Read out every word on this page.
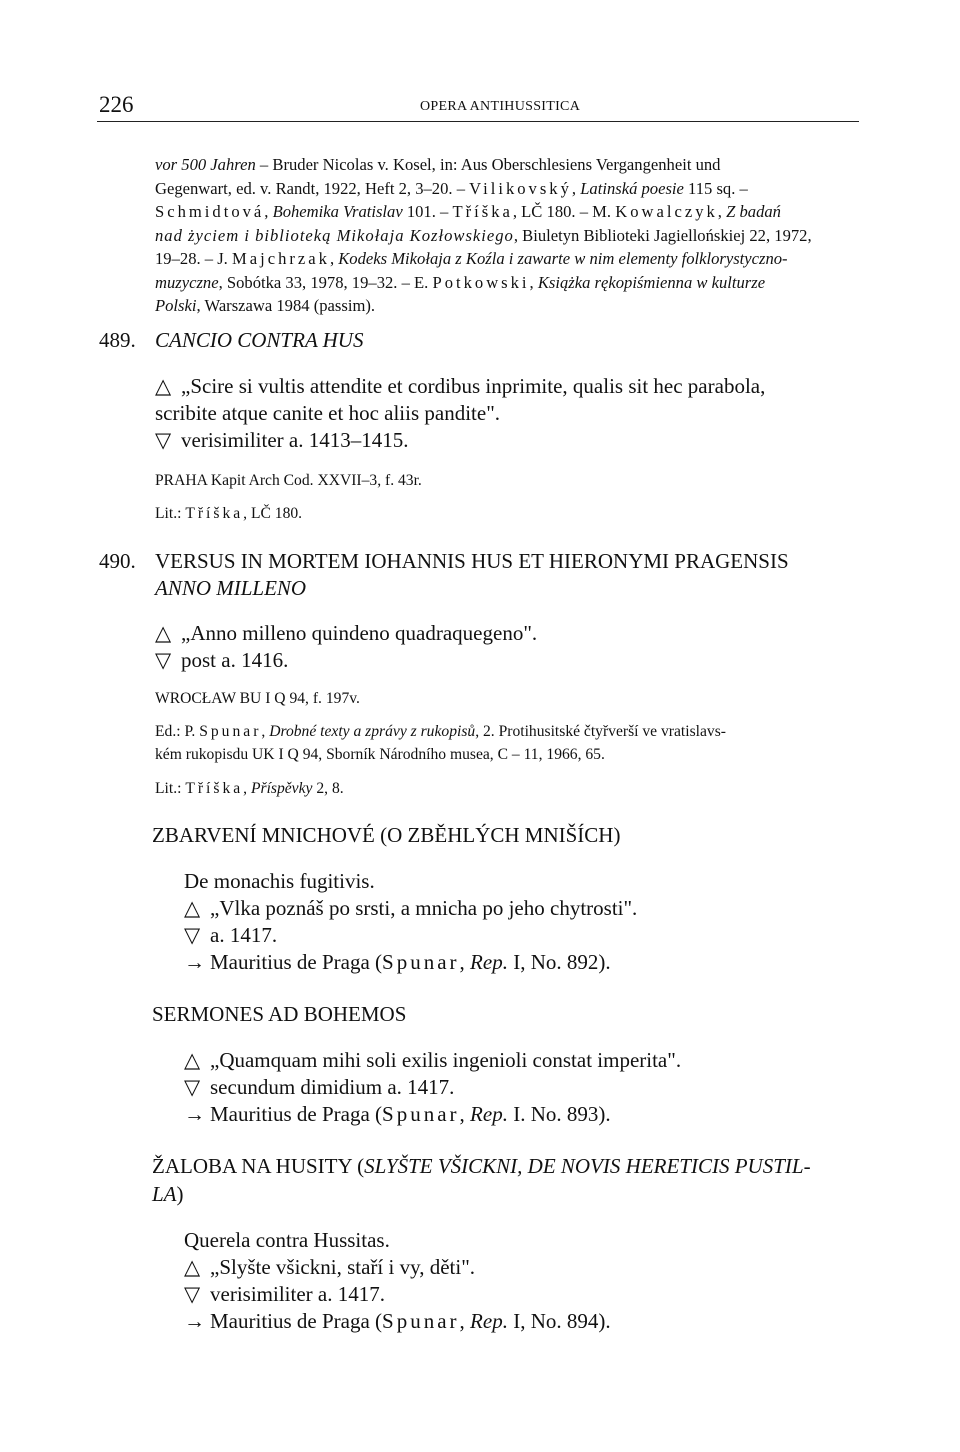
226	OPERA ANTIHUSSITICA
vor 500 Jahren – Bruder Nicolas v. Kosel, in: Aus Oberschlesiens Vergangenheit und
Gegenwart, ed. v. Randt, 1922, Heft 2, 3–20. – Vilikovský, Latinská poesie 115 sq. –
Schmidtová, Bohemika Vratislav 101. – Tříška, LČ 180. – M. Kowalczyk, Z badań
nad życiem i biblioteką Mikołaja Kozłowskiego, Biuletyn Biblioteki Jagiellońskiej 22, 1972,
19–28. – J. Majchrzak, Kodeks Mikołaja z Koźla i zawarte w nim elementy folklorystyczno-
muzyczne, Sobótka 33, 1978, 19–32. – E. Potkowski, Książka rękopiśmienna w kulturze
Polski, Warszawa 1984 (passim).
489. CANCIO CONTRA HUS
△ „Scire si vultis attendite et cordibus inprimite, qualis sit hec parabola,
scribite atque canite et hoc aliis pandite".
▽ verisimiliter a. 1413–1415.
PRAHA Kapit Arch Cod. XXVII–3, f. 43r.
Lit.: Tříška, LČ 180.
490. VERSUS IN MORTEM IOHANNIS HUS ET HIERONYMI PRAGENSIS
ANNO MILLENO
△ „Anno milleno quindeno quadraquegeno".
▽ post a. 1416.
WROCŁAW BU I Q 94, f. 197v.
Ed.: P. Spunar, Drobné texty a zprávy z rukopisů, 2. Protihusitské čtyřverší ve vratislavs-
kém rukopisdu UK I Q 94, Sborník Národního musea, C – 11, 1966, 65.
Lit.: Tříška, Příspěvky 2, 8.
ZBARVENÍ MNICHOVÉ (O ZBĚHLÝCH MNIŠÍCH)
De monachis fugitivis.
△ „Vlka poznáš po srsti, a mnicha po jeho chytrosti".
▽ a. 1417.
→ Mauritius de Praga (Spunar, Rep. I, No. 892).
SERMONES AD BOHEMOS
△ „Quamquam mihi soli exilis ingenioli constat imperita".
▽ secundum dimidium a. 1417.
→ Mauritius de Praga (Spunar, Rep. I. No. 893).
ŽALOBA NA HUSITY (SLYŠTE VŠICKNI, DE NOVIS HERETICIS PUSTIL-
LA)
Querela contra Hussitas.
△ „Slyšte všickni, staří i vy, děti".
▽ verisimiliter a. 1417.
→ Mauritius de Praga (Spunar, Rep. I, No. 894).
